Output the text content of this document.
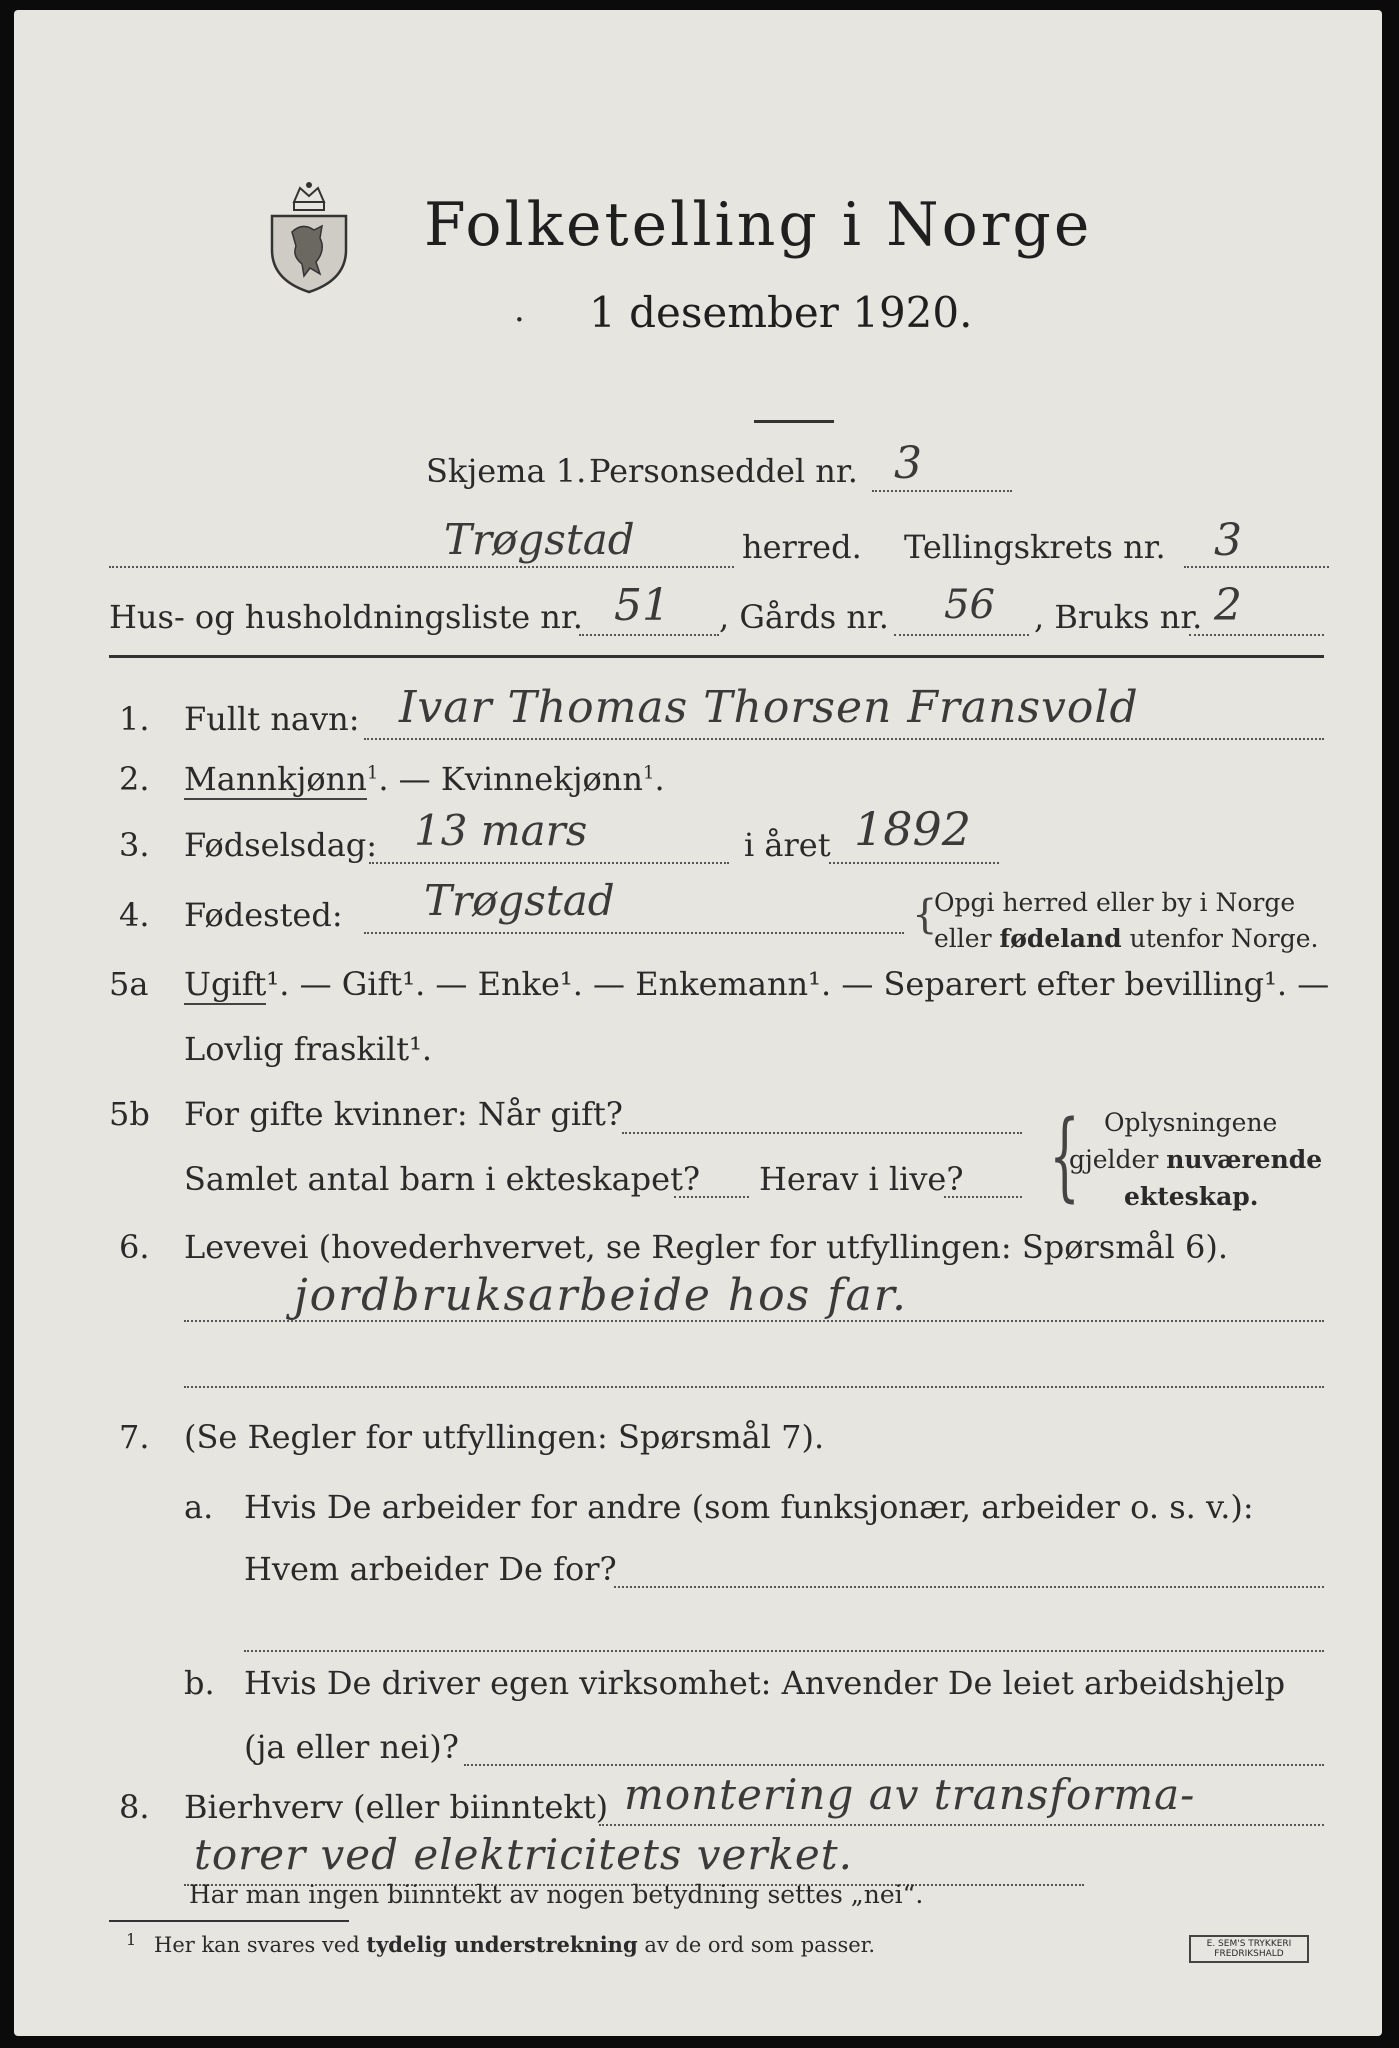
Folketelling i Norge
· 1 desember 1920.
Skjema 1. Personseddel nr. 3
Trøgstad	herred. Tellingskrets nr. 3
Hus- og husholdningsliste nr. 51 , Gårds nr. 56 , Bruks nr. 2
1. Fullt navn: Ivar Thomas Thorsen Fransvold
2. Mannkjønn$^1$. — Kvinnekjønn$^1$.
3. Fødselsdag: 13 mars	i året 1892
4. Fødested: Trøgstad	{
Opgi herred eller by i Norge
eller fødeland utenfor Norge.
5a Ugift¹. — Gift¹. — Enke¹. — Enkemann¹. — Separert efter bevilling¹. —
Lovlig fraskilt¹.
5b For gifte kvinner: Når gift?
Samlet antal barn i ekteskapet? Herav i live? { Oplysningene
gjelder nuværende
ekteskap.
6. Levevei (hovederhvervet, se Regler for utfyllingen: Spørsmål 6).
jordbruksarbeide hos far.
7. (Se Regler for utfyllingen: Spørsmål 7).
a. Hvis De arbeider for andre (som funksjonær, arbeider o. s. v.):
Hvem arbeider De for?
b. Hvis De driver egen virksomhet: Anvender De leiet arbeidshjelp
(ja eller nei)?
8. Bierhverv (eller biinntekt) montering av transforma-
torer ved elektricitets verket.
Har man ingen biinntekt av nogen betydning settes „nei“.
1 Her kan svares ved tydelig understrekning av de ord som passer.	E. SEM'S TRYKKERI
FREDRIKSHALD
